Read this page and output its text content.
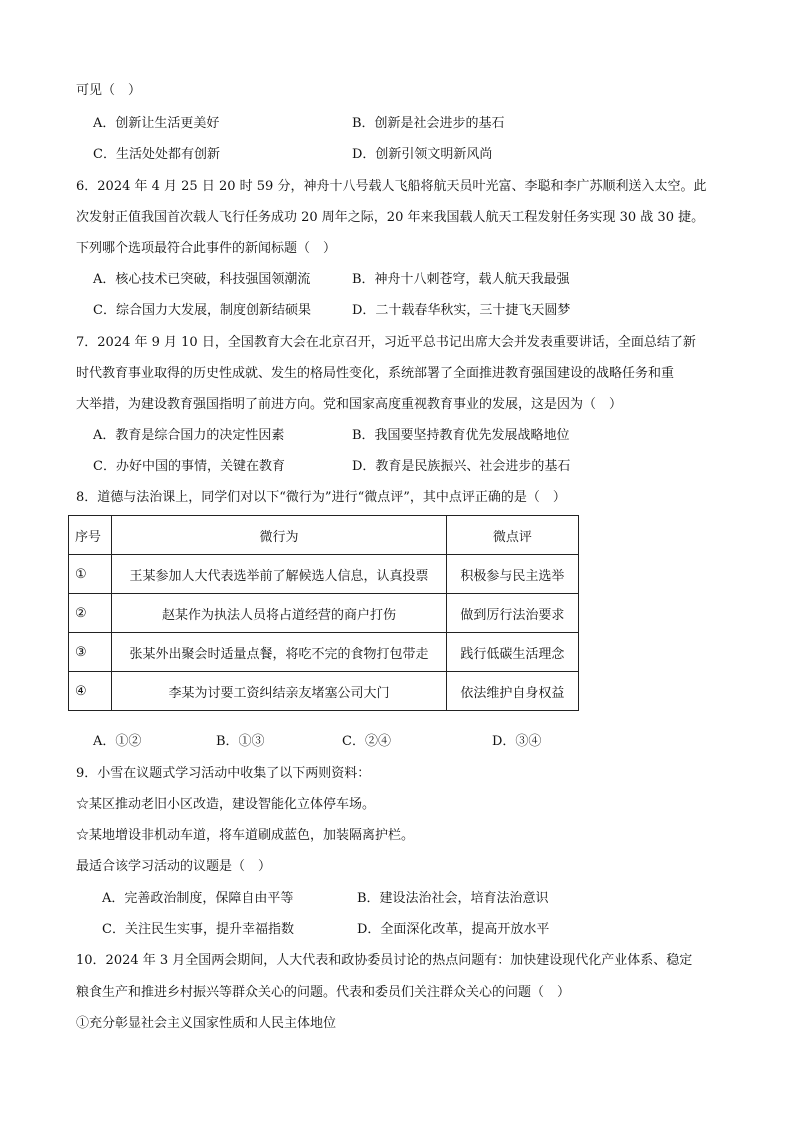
可见（　）
A．创新让生活更美好	B．创新是社会进步的基石
C．生活处处都有创新	D．创新引领文明新风尚
6．2024 年 4 月 25 日 20 时 59 分，神舟十八号载人飞船将航天员叶光富、李聪和李广苏顺利送入太空。此
次发射正值我国首次载人飞行任务成功 20 周年之际，20 年来我国载人航天工程发射任务实现 30 战 30 捷。
下列哪个选项最符合此事件的新闻标题（　）
A．核心技术已突破，科技强国领潮流	B．神舟十八刺苍穹，载人航天我最强
C．综合国力大发展，制度创新结硕果	D．二十载春华秋实，三十捷飞天圆梦
7．2024 年 9 月 10 日，全国教育大会在北京召开，习近平总书记出席大会并发表重要讲话，全面总结了新
时代教育事业取得的历史性成就、发生的格局性变化，系统部署了全面推进教育强国建设的战略任务和重
大举措，为建设教育强国指明了前进方向。党和国家高度重视教育事业的发展，这是因为（　）
A．教育是综合国力的决定性因素	B．我国要坚持教育优先发展战略地位
C．办好中国的事情，关键在教育	D．教育是民族振兴、社会进步的基石
8．道德与法治课上，同学们对以下“微行为”进行“微点评”，其中点评正确的是（　）
序号	微行为	微点评
①	王某参加人大代表选举前了解候选人信息，认真投票	积极参与民主选举
②	赵某作为执法人员将占道经营的商户打伤	做到厉行法治要求
③	张某外出聚会时适量点餐，将吃不完的食物打包带走	践行低碳生活理念
④	李某为讨要工资纠结亲友堵塞公司大门	依法维护自身权益
A．①②	B．①③	C．②④	D．③④
9．小雪在议题式学习活动中收集了以下两则资料：
☆某区推动老旧小区改造，建设智能化立体停车场。
☆某地增设非机动车道，将车道刷成蓝色，加装隔离护栏。
最适合该学习活动的议题是（　）
A．完善政治制度，保障自由平等	B．建设法治社会，培育法治意识
C．关注民生实事，提升幸福指数	D．全面深化改革，提高开放水平
10．2024 年 3 月全国两会期间，人大代表和政协委员讨论的热点问题有：加快建设现代化产业体系、稳定
粮食生产和推进乡村振兴等群众关心的问题。代表和委员们关注群众关心的问题（　）
①充分彰显社会主义国家性质和人民主体地位
